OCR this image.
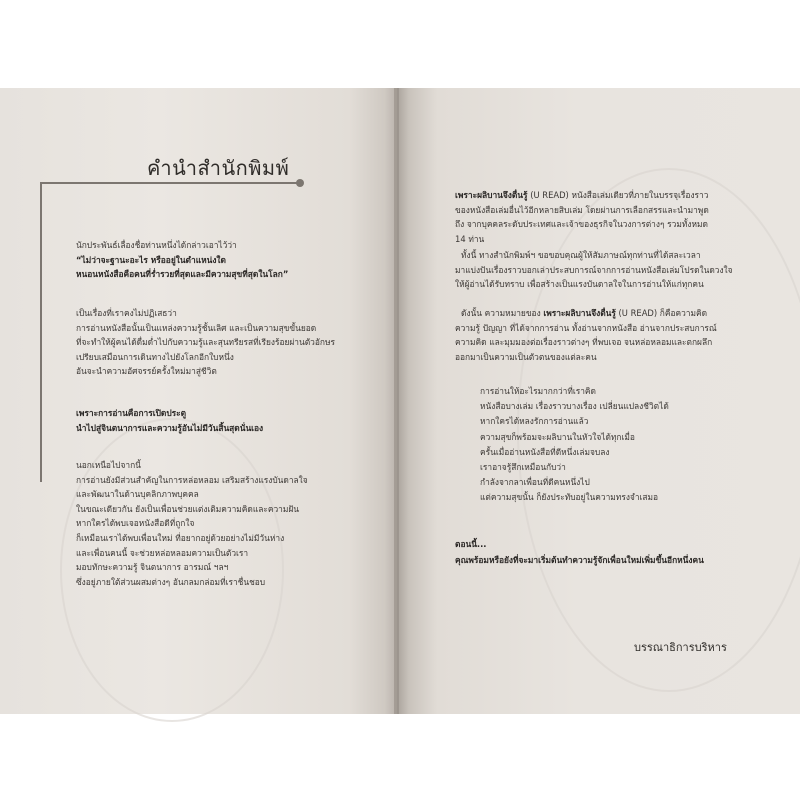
คำนำสำนักพิมพ์

นักประพันธ์เลื่องชื่อท่านหนึ่งได้กล่าวเอาไว้ว่า

“ไม่ว่าจะฐานะอะไร หรืออยู่ในตำแหน่งใด

หนอนหนังสือคือคนที่ร่ำรวยที่สุดและมีความสุขที่สุดในโลก”

เป็นเรื่องที่เราคงไม่ปฏิเสธว่า

การอ่านหนังสือนั้นเป็นแหล่งความรู้ชั้นเลิศ และเป็นความสุขขั้นยอด

ที่จะทำให้ผู้คนได้ดื่มด่ำไปกับความรู้และสุนทรียรสที่เรียงร้อยผ่านตัวอักษร

เปรียบเสมือนการเดินทางไปยังโลกอีกใบหนึ่ง

อันจะนำความอัศจรรย์ครั้งใหม่มาสู่ชีวิต

เพราะการอ่านคือการเปิดประตู

นำไปสู่จินตนาการและความรู้อันไม่มีวันสิ้นสุดนั่นเอง

นอกเหนือไปจากนี้

การอ่านยังมีส่วนสำคัญในการหล่อหลอม เสริมสร้างแรงบันดาลใจ

และพัฒนาในด้านบุคลิกภาพบุคคล

ในขณะเดียวกัน ยังเป็นเพื่อนช่วยแต่งเติมความคิดและความฝัน

หากใครได้พบเจอหนังสือดีที่ถูกใจ

ก็เหมือนเราได้พบเพื่อนใหม่ ที่อยากอยู่ด้วยอย่างไม่มีวันห่าง

และเพื่อนคนนี้ จะช่วยหล่อหลอมความเป็นตัวเรา

มอบทักษะความรู้ จินตนาการ อารมณ์ ฯลฯ

ซึ่งอยู่ภายใต้ส่วนผสมต่างๆ อันกลมกล่อมที่เราชื่นชอบ

เพราะผลิบานจึงตื่นรู้ (U READ) หนังสือเล่มเดียวที่ภายในบรรจุเรื่องราว

ของหนังสือเล่มอื่นไว้อีกหลายสิบเล่ม โดยผ่านการเลือกสรรและนำมาพูด

ถึง จากบุคคลระดับประเทศและเจ้าของธุรกิจในวงการต่างๆ รวมทั้งหมด

14 ท่าน

ทั้งนี้ ทางสำนักพิมพ์ฯ ขอขอบคุณผู้ให้สัมภาษณ์ทุกท่านที่ได้สละเวลา

มาแบ่งปันเรื่องราวบอกเล่าประสบการณ์จากการอ่านหนังสือเล่มโปรดในดวงใจ

ให้ผู้อ่านได้รับทราบ เพื่อสร้างเป็นแรงบันดาลใจในการอ่านให้แก่ทุกคน

ดังนั้น ความหมายของ เพราะผลิบานจึงตื่นรู้ (U READ) ก็คือความคิด

ความรู้ ปัญญา ที่ได้จากการอ่าน ทั้งอ่านจากหนังสือ อ่านจากประสบการณ์

ความคิด และมุมมองต่อเรื่องราวต่างๆ ที่พบเจอ จนหล่อหลอมและตกผลึก

ออกมาเป็นความเป็นตัวตนของแต่ละคน

การอ่านให้อะไรมากกว่าที่เราคิด

หนังสือบางเล่ม เรื่องราวบางเรื่อง เปลี่ยนแปลงชีวิตได้

หากใครได้หลงรักการอ่านแล้ว

ความสุขก็พร้อมจะผลิบานในหัวใจได้ทุกเมื่อ

ครั้นเมื่ออ่านหนังสือที่ดีหนึ่งเล่มจบลง

เราอาจรู้สึกเหมือนกับว่า

กำลังจากลาเพื่อนที่ดีคนหนึ่งไป

แต่ความสุขนั้น ก็ยังประทับอยู่ในความทรงจำเสมอ

ตอนนี้...

คุณพร้อมหรือยังที่จะมาเริ่มต้นทำความรู้จักเพื่อนใหม่เพิ่มขึ้นอีกหนึ่งคน

บรรณาธิการบริหาร
